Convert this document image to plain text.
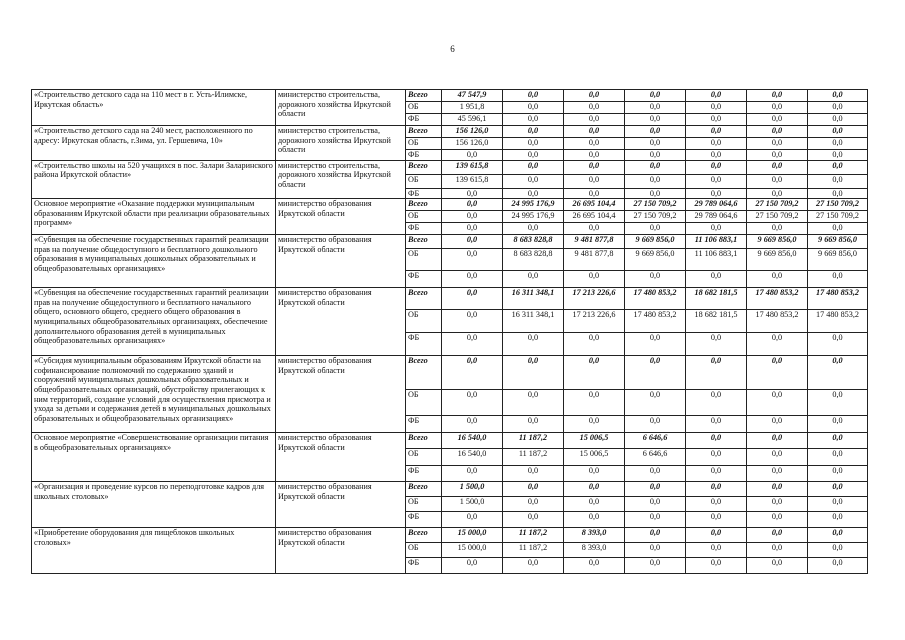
6
«Строительство детского сада на 110 мест в г. Усть-Илимске, Иркутская область»	министерство строительства, дорожного хозяйства Иркутской области	Всего	47 547,9	0,0	0,0	0,0	0,0	0,0	0,0
		ОБ	1 951,8	0,0	0,0	0,0	0,0	0,0	0,0
		ФБ	45 596,1	0,0	0,0	0,0	0,0	0,0	0,0
«Строительство детского сада на 240 мест, расположенного по адресу: Иркутская область, г.Зима, ул. Гершевича, 10»	министерство строительства, дорожного хозяйства Иркутской области	Всего	156 126,0	0,0	0,0	0,0	0,0	0,0	0,0
		ОБ	156 126,0	0,0	0,0	0,0	0,0	0,0	0,0
		ФБ	0,0	0,0	0,0	0,0	0,0	0,0	0,0
«Строительство школы на 520 учащихся в пос. Залари Заларинского района Иркутской области»	министерство строительства, дорожного хозяйства Иркутской области	Всего	139 615,8	0,0	0,0	0,0	0,0	0,0	0,0
		ОБ	139 615,8	0,0	0,0	0,0	0,0	0,0	0,0
		ФБ	0,0	0,0	0,0	0,0	0,0	0,0	0,0
Основное мероприятие «Оказание поддержки муниципальным образованиям Иркутской области при реализации образовательных программ»	министерство образования Иркутской области	Всего	0,0	24 995 176,9	26 695 104,4	27 150 709,2	29 789 064,6	27 150 709,2	27 150 709,2
		ОБ	0,0	24 995 176,9	26 695 104,4	27 150 709,2	29 789 064,6	27 150 709,2	27 150 709,2
		ФБ	0,0	0,0	0,0	0,0	0,0	0,0	0,0
«Субвенция на обеспечение государственных гарантий реализации прав на получение общедоступного и бесплатного дошкольного образования в муниципальных дошкольных образовательных и общеобразовательных организациях»	министерство образования Иркутской области	Всего	0,0	8 683 828,8	9 481 877,8	9 669 856,0	11 106 883,1	9 669 856,0	9 669 856,0
		ОБ	0,0	8 683 828,8	9 481 877,8	9 669 856,0	11 106 883,1	9 669 856,0	9 669 856,0
		ФБ	0,0	0,0	0,0	0,0	0,0	0,0	0,0
«Субвенция на обеспечение государственных гарантий реализации прав на получение общедоступного и бесплатного начального общего, основного общего, среднего общего образования в муниципальных общеобразовательных организациях, обеспечение дополнительного образования детей в муниципальных общеобразовательных организациях»	министерство образования Иркутской области	Всего	0,0	16 311 348,1	17 213 226,6	17 480 853,2	18 682 181,5	17 480 853,2	17 480 853,2
		ОБ	0,0	16 311 348,1	17 213 226,6	17 480 853,2	18 682 181,5	17 480 853,2	17 480 853,2
		ФБ	0,0	0,0	0,0	0,0	0,0	0,0	0,0
«Субсидия муниципальным образованиям Иркутской области на софинансирование полномочий по содержанию зданий и сооружений муниципальных дошкольных образовательных и общеобразовательных организаций, обустройству прилегающих к ним территорий, создание условий для осуществления присмотра и ухода за детьми и содержания детей в муниципальных дошкольных образовательных и общеобразовательных организациях»	министерство образования Иркутской области	Всего	0,0	0,0	0,0	0,0	0,0	0,0	0,0
		ОБ	0,0	0,0	0,0	0,0	0,0	0,0	0,0
		ФБ	0,0	0,0	0,0	0,0	0,0	0,0	0,0
Основное мероприятие «Совершенствование организации питания в общеобразовательных организациях»	министерство образования Иркутской области	Всего	16 540,0	11 187,2	15 006,5	6 646,6	0,0	0,0	0,0
		ОБ	16 540,0	11 187,2	15 006,5	6 646,6	0,0	0,0	0,0
		ФБ	0,0	0,0	0,0	0,0	0,0	0,0	0,0
«Организация и проведение курсов по переподготовке кадров для школьных столовых»	министерство образования Иркутской области	Всего	1 500,0	0,0	0,0	0,0	0,0	0,0	0,0
		ОБ	1 500,0	0,0	0,0	0,0	0,0	0,0	0,0
		ФБ	0,0	0,0	0,0	0,0	0,0	0,0	0,0
«Приобретение оборудования для пищеблоков школьных столовых»	министерство образования Иркутской области	Всего	15 000,0	11 187,2	8 393,0	0,0	0,0	0,0	0,0
		ОБ	15 000,0	11 187,2	8 393,0	0,0	0,0	0,0	0,0
		ФБ	0,0	0,0	0,0	0,0	0,0	0,0	0,0
